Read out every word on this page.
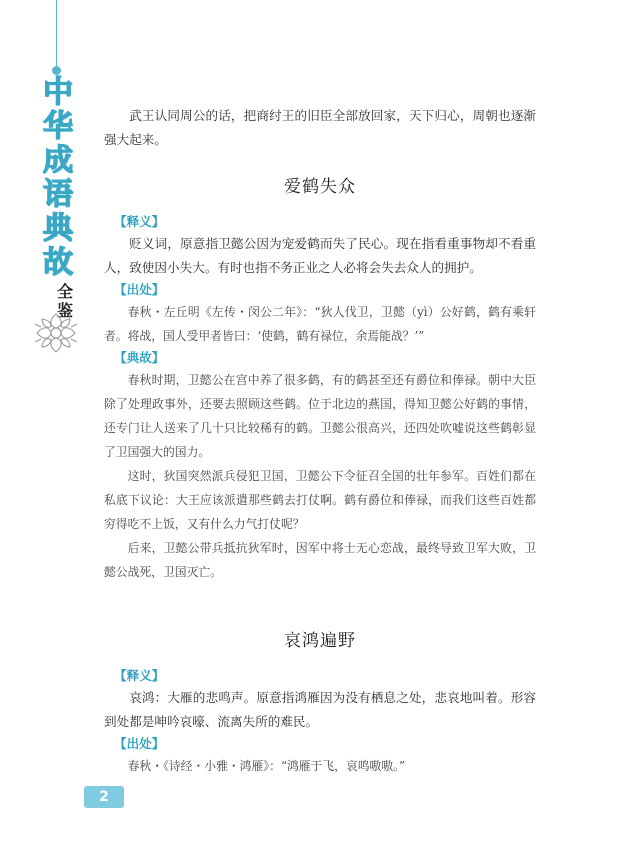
中
华
成
语
典
故
全
鉴

武王认同周公的话，把商纣王的旧臣全部放回家，天下归心，周朝也逐渐强大起来。

爱鹤失众
【释义】

贬义词，原意指卫懿公因为宠爱鹤而失了民心。现在指看重事物却不看重人，致使因小失大。有时也指不务正业之人必将会失去众人的拥护。

【出处】

春秋・左丘明《左传・闵公二年》：“狄人伐卫，卫懿（yì）公好鹤，鹤有乘轩者。将战，国人受甲者皆曰：‘使鹤，鹤有禄位，余焉能战？’”

【典故】

春秋时期，卫懿公在宫中养了很多鹤，有的鹤甚至还有爵位和俸禄。朝中大臣除了处理政事外，还要去照顾这些鹤。位于北边的燕国，得知卫懿公好鹤的事情，还专门让人送来了几十只比较稀有的鹤。卫懿公很高兴，还四处吹嘘说这些鹤彰显了卫国强大的国力。

这时，狄国突然派兵侵犯卫国，卫懿公下令征召全国的壮年参军。百姓们都在私底下议论：大王应该派遣那些鹤去打仗啊。鹤有爵位和俸禄，而我们这些百姓都穷得吃不上饭，又有什么力气打仗呢？

后来，卫懿公带兵抵抗狄军时，因军中将士无心恋战，最终导致卫军大败，卫懿公战死，卫国灭亡。

哀鸿遍野
【释义】

哀鸿：大雁的悲鸣声。原意指鸿雁因为没有栖息之处，悲哀地叫着。形容到处都是呻吟哀嚎、流离失所的难民。

【出处】

春秋・《诗经・小雅・鸿雁》：“鸿雁于飞，哀鸣嗷嗷。”

2
